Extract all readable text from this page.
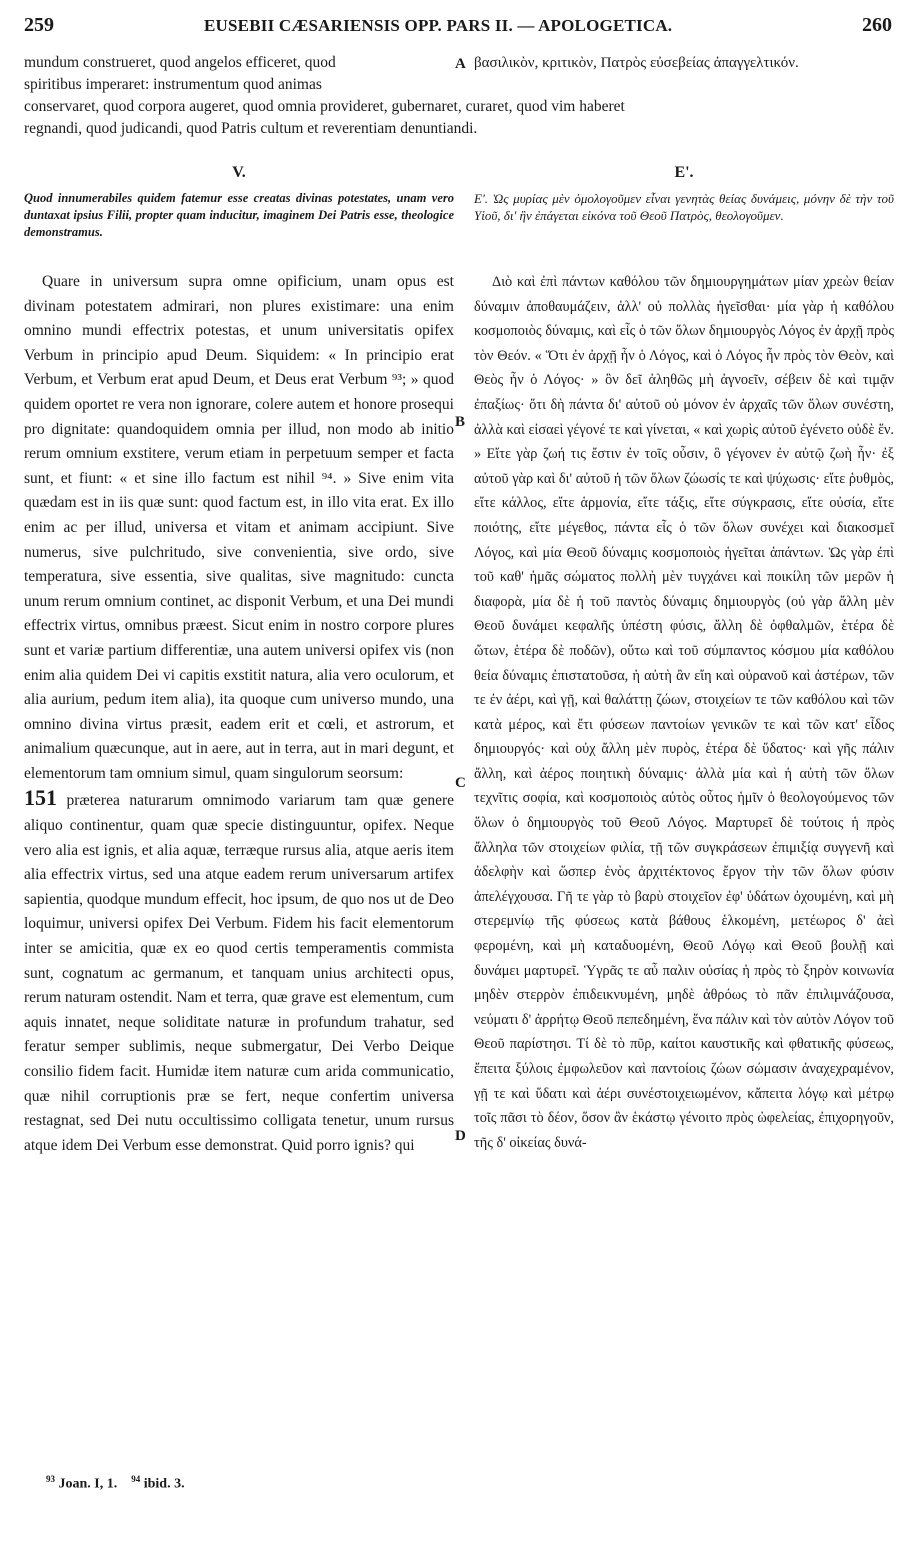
259	EUSEBII CÆSARIENSIS OPP. PARS II. — APOLOGETICA.	260
mundum construeret, quod angelos efficeret, quod
spiritibus imperaret: instrumentum quod animas
conservaret, quod corpora augeret, quod omnia provideret, gubernaret, curaret, quod vim haberet
regnandi, quod judicandi, quod Patris cultum et reverentiam denuntiandi.
βασιλικὸν, κριτικὸν, Πατρὸς εὐσεβείας ἀπαγγελτικόν.
A
B
C
D
V.
Quod innumerabiles quidem fatemur esse creatas divinas potestates, unam vero duntaxat ipsius Filii, propter quam inducitur, imaginem Dei Patris esse, theologice demonstramus.
Quare in universum supra omne opificium, unam opus est divinam potestatem admirari, non plures existimare: una enim omnino mundi effectrix potestas, et unum universitatis opifex Verbum in principio apud Deum. Siquidem: « In principio erat Verbum, et Verbum erat apud Deum, et Deus erat Verbum ⁹³; » quod quidem oportet re vera non ignorare, colere autem et honore prosequi pro dignitate: quandoquidem omnia per illud, non modo ab initio rerum omnium exstitere, verum etiam in perpetuum semper et facta sunt, et fiunt: « et sine illo factum est nihil ⁹⁴. » Sive enim vita quædam est in iis quæ sunt: quod factum est, in illo vita erat. Ex illo enim ac per illud, universa et vitam et animam accipiunt. Sive numerus, sive pulchritudo, sive convenientia, sive ordo, sive temperatura, sive essentia, sive qualitas, sive magnitudo: cuncta unum rerum omnium continet, ac disponit Verbum, et una Dei mundi effectrix virtus, omnibus præest. Sicut enim in nostro corpore plures sunt et variæ partium differentiæ, una autem universi opifex vis (non enim alia quidem Dei vi capitis exstitit natura, alia vero oculorum, et alia aurium, pedum item alia), ita quoque cum universo mundo, una omnino divina virtus præsit, eadem erit et cœli, et astrorum, et animalium quæcunque, aut in aere, aut in terra, aut in mari degunt, et elementorum tam omnium simul, quam singulorum seorsum:
151 præterea naturarum omnimodo variarum tam quæ genere aliquo continentur, quam quæ specie distinguuntur, opifex. Neque vero alia est ignis, et alia aquæ, terræque rursus alia, atque aeris item alia effectrix virtus, sed una atque eadem rerum universarum artifex sapientia, quodque mundum effecit, hoc ipsum, de quo nos ut de Deo loquimur, universi opifex Dei Verbum. Fidem his facit elementorum inter se amicitia, quæ ex eo quod certis temperamentis commista sunt, cognatum ac germanum, et tanquam unius architecti opus, rerum naturam ostendit. Nam et terra, quæ grave est elementum, cum aquis innatet, neque soliditate naturæ in profundum trahatur, sed feratur semper sublimis, neque submergatur, Dei Verbo Deique consilio fidem facit. Humidæ item naturæ cum arida communicatio, quæ nihil corruptionis præ se fert, neque confertim universa restagnat, sed Dei nutu occultissimo colligata tenetur, unum rursus atque idem Dei Verbum esse demonstrat. Quid porro ignis? qui
Ε'.
Ε'. Ὡς μυρίας μὲν ὁμολογοῦμεν εἶναι γενητὰς θείας δυνάμεις, μόνην δὲ τὴν τοῦ Υἱοῦ, δι' ἣν ἐπάγεται εἰκόνα τοῦ Θεοῦ Πατρὸς, θεολογοῦμεν.
Διὸ καὶ ἐπὶ πάντων καθόλου τῶν δημιουργημάτων μίαν χρεὼν θείαν δύναμιν ἀποθαυμάζειν, ἀλλ' οὐ πολλὰς ἡγεῖσθαι· μία γὰρ ἡ καθόλου κοσμοποιὸς δύναμις, καὶ εἷς ὁ τῶν ὅλων δημιουργὸς Λόγος ἐν ἀρχῇ πρὸς τὸν Θεόν. « Ὅτι ἐν ἀρχῇ ἦν ὁ Λόγος, καὶ ὁ Λόγος ἦν πρὸς τὸν Θεὸν, καὶ Θεὸς ἦν ὁ Λόγος· » ὃν δεῖ ἀληθῶς μὴ ἀγνοεῖν, σέβειν δὲ καὶ τιμᾷν ἐπαξίως· ὅτι δὴ πάντα δι' αὐτοῦ οὐ μόνον ἐν ἀρχαῖς τῶν ὅλων συνέστη, ἀλλὰ καὶ εἰσαεὶ γέγονέ τε καὶ γίνεται, « καὶ χωρὶς αὐτοῦ ἐγένετο οὐδὲ ἕν. » Εἴτε γὰρ ζωή τις ἔστιν ἐν τοῖς οὖσιν, ὃ γέγονεν ἐν αὐτῷ ζωὴ ἦν· ἐξ αὐτοῦ γὰρ καὶ δι' αὐτοῦ ἡ τῶν ὅλων ζώωσίς τε καὶ ψύχωσις· εἴτε ῥυθμὸς, εἴτε κάλλος, εἴτε ἁρμονία, εἴτε τάξις, εἴτε σύγκρασις, εἴτε οὐσία, εἴτε ποιότης, εἴτε μέγεθος, πάντα εἷς ὁ τῶν ὅλων συνέχει καὶ διακοσμεῖ Λόγος, καὶ μία Θεοῦ δύναμις κοσμοποιὸς ἡγεῖται ἁπάντων. Ὡς γὰρ ἐπὶ τοῦ καθ' ἡμᾶς σώματος πολλὴ μὲν τυγχάνει καὶ ποικίλη τῶν μερῶν ἡ διαφορὰ, μία δὲ ἡ τοῦ παντὸς δύναμις δημιουργὸς (οὐ γὰρ ἄλλη μὲν Θεοῦ δυνάμει κεφαλῆς ὑπέστη φύσις, ἄλλη δὲ ὀφθαλμῶν, ἑτέρα δὲ ὤτων, ἑτέρα δὲ ποδῶν), οὕτω καὶ τοῦ σύμπαντος κόσμου μία καθόλου θεία δύναμις ἐπιστατοῦσα, ἡ αὐτὴ ἂν εἴη καὶ οὐρανοῦ καὶ ἀστέρων, τῶν τε ἐν ἀέρι, καὶ γῇ, καὶ θαλάττῃ ζώων, στοιχείων τε τῶν καθόλου καὶ τῶν κατὰ μέρος, καὶ ἔτι φύσεων παντοίων γενικῶν τε καὶ τῶν κατ' εἶδος δημιουργός· καὶ οὐχ ἄλλη μὲν πυρὸς, ἑτέρα δὲ ὕδατος· καὶ γῆς πάλιν ἄλλη, καὶ ἀέρος ποιητικὴ δύναμις· ἀλλὰ μία καὶ ἡ αὐτὴ τῶν ὅλων τεχνῖτις σοφία, καὶ κοσμοποιὸς αὐτὸς οὗτος ἡμῖν ὁ θεολογούμενος τῶν ὅλων ὁ δημιουργὸς τοῦ Θεοῦ Λόγος. Μαρτυρεῖ δὲ τούτοις ἡ πρὸς ἄλληλα τῶν στοιχείων φιλία, τῇ τῶν συγκράσεων ἐπιμιξίᾳ συγγενῆ καὶ ἀδελφὴν καὶ ὥσπερ ἑνὸς ἀρχιτέκτονος ἔργον τὴν τῶν ὅλων φύσιν ἀπελέγχουσα. Γῆ τε γὰρ τὸ βαρὺ στοιχεῖον ἐφ' ὑδάτων ὀχουμένη, καὶ μὴ στερεμνίῳ τῆς φύσεως κατὰ βάθους ἑλκομένη, μετέωρος δ' ἀεὶ φερομένη, καὶ μὴ καταδυομένη, Θεοῦ Λόγῳ καὶ Θεοῦ βουλῇ καὶ δυνάμει μαρτυρεῖ. Ὑγρᾶς τε αὖ παλιν οὐσίας ἡ πρὸς τὸ ξηρὸν κοινωνία μηδὲν στερρὸν ἐπιδεικνυμένη, μηδὲ ἀθρόως τὸ πᾶν ἐπιλιμνάζουσα, νεύματι δ' ἀρρήτῳ Θεοῦ πεπεδημένη, ἕνα πάλιν καὶ τὸν αὐτὸν Λόγον τοῦ Θεοῦ παρίστησι. Τί δὲ τὸ πῦρ, καίτοι καυστικῆς καὶ φθατικῆς φύσεως, ἔπειτα ξύλοις ἐμφωλεῦον καὶ παντοίοις ζώων σώμασιν ἀναχεχραμένον, γῇ τε καὶ ὕδατι καὶ ἀέρι συνέστοιχειωμένον, κἄπειτα λόγῳ καὶ μέτρῳ τοῖς πᾶσι τὸ δέον, ὅσον ἂν ἑκάστῳ γένοιτο πρὸς ὠφελείας, ἐπιχορηγοῦν, τῆς δ' οἰκείας δυνά-
$^{93}$ Joan. I, 1. $^{94}$ ibid. 3.
